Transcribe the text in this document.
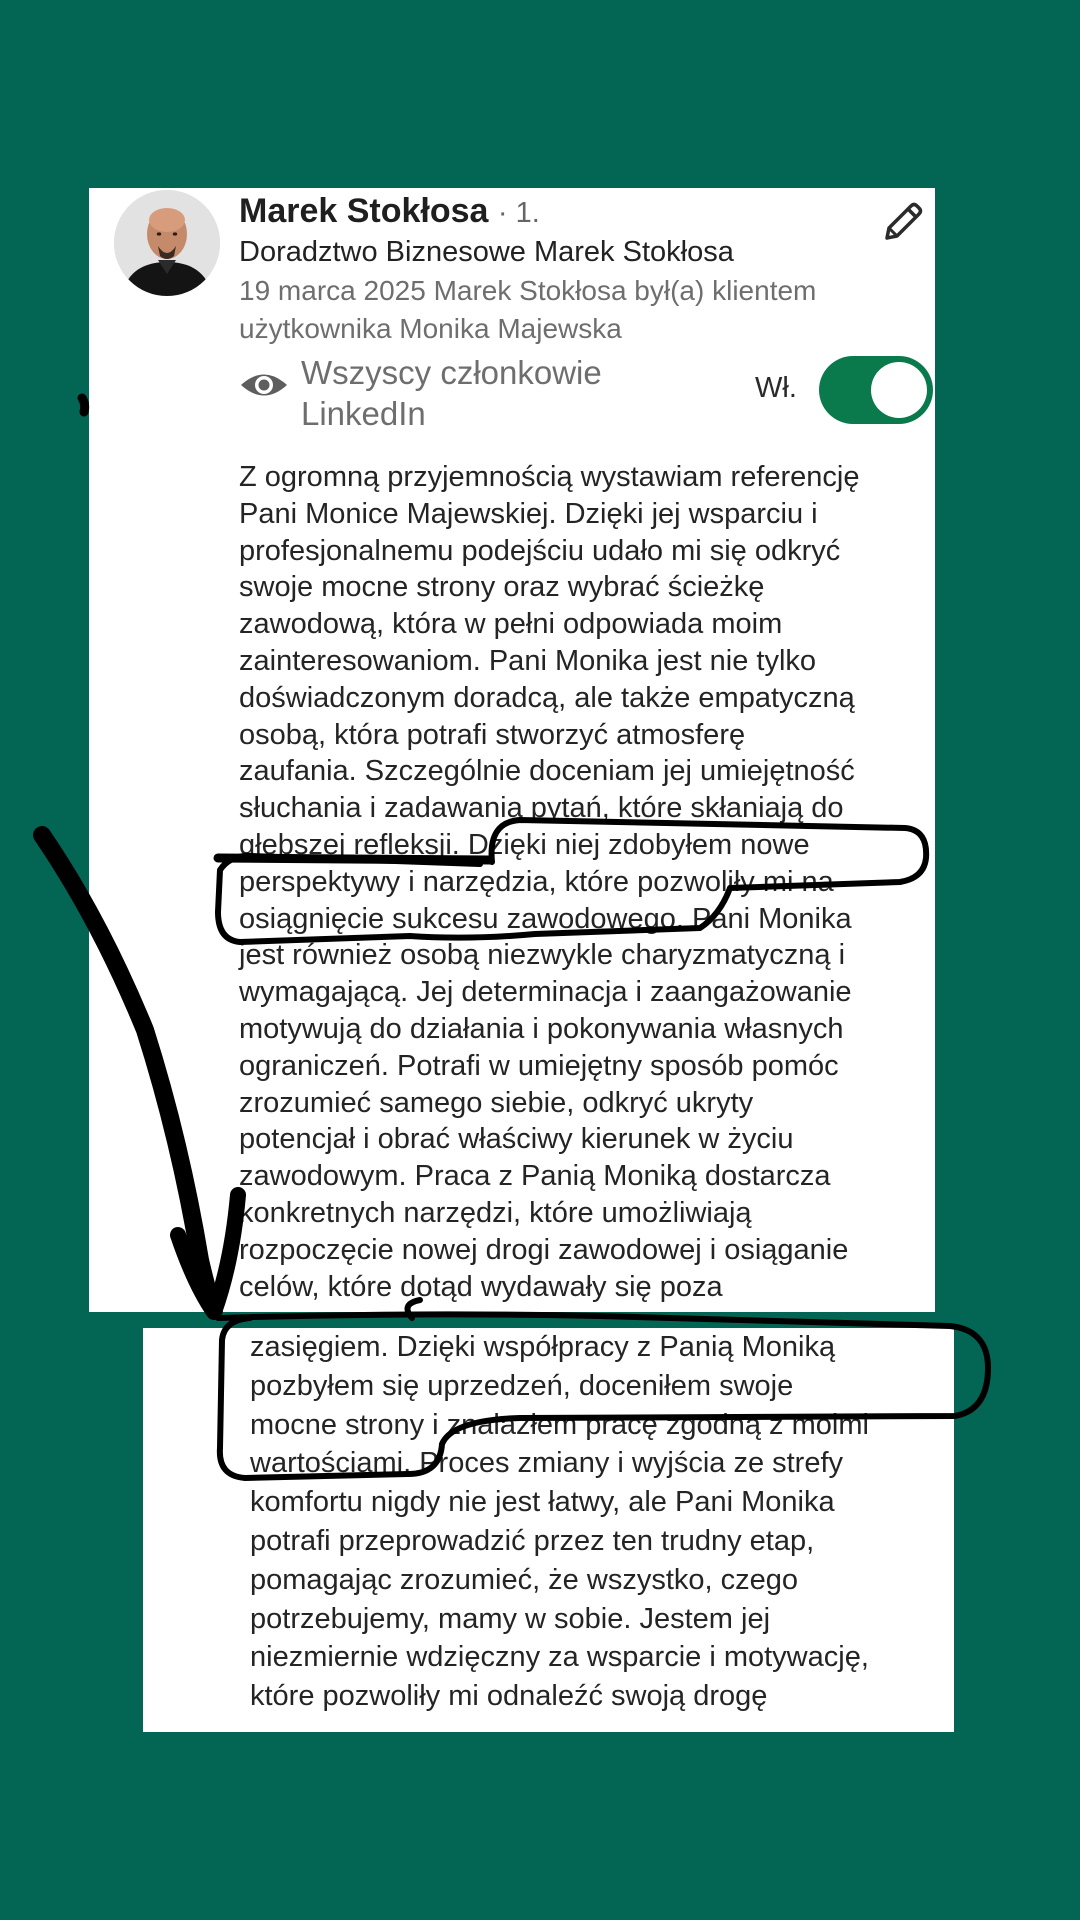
Marek Stokłosa · 1.
Doradztwo Biznesowe Marek Stokłosa
19 marca 2025 Marek Stokłosa był(a) klientem użytkownika Monika Majewska
Wszyscy członkowie LinkedIn
Wł.

Z ogromną przyjemnością wystawiam referencję
Pani Monice Majewskiej. Dzięki jej wsparciu i
profesjonalnemu podejściu udało mi się odkryć
swoje mocne strony oraz wybrać ścieżkę
zawodową, która w pełni odpowiada moim
zainteresowaniom. Pani Monika jest nie tylko
doświadczonym doradcą, ale także empatyczną
osobą, która potrafi stworzyć atmosferę
zaufania. Szczególnie doceniam jej umiejętność
słuchania i zadawania pytań, które skłaniają do
głębszej refleksji. Dzięki niej zdobyłem nowe
perspektywy i narzędzia, które pozwoliły mi na
osiągnięcie sukcesu zawodowego. Pani Monika
jest również osobą niezwykle charyzmatyczną i
wymagającą. Jej determinacja i zaangażowanie
motywują do działania i pokonywania własnych
ograniczeń. Potrafi w umiejętny sposób pomóc
zrozumieć samego siebie, odkryć ukryty
potencjał i obrać właściwy kierunek w życiu
zawodowym. Praca z Panią Moniką dostarcza
konkretnych narzędzi, które umożliwiają
rozpoczęcie nowej drogi zawodowej i osiąganie
celów, które dotąd wydawały się poza

zasięgiem. Dzięki współpracy z Panią Moniką
pozbyłem się uprzedzeń, doceniłem swoje
mocne strony i znalazłem pracę zgodną z moimi
wartościami. Proces zmiany i wyjścia ze strefy
komfortu nigdy nie jest łatwy, ale Pani Monika
potrafi przeprowadzić przez ten trudny etap,
pomagając zrozumieć, że wszystko, czego
potrzebujemy, mamy w sobie. Jestem jej
niezmiernie wdzięczny za wsparcie i motywację,
które pozwoliły mi odnaleźć swoją drogę
